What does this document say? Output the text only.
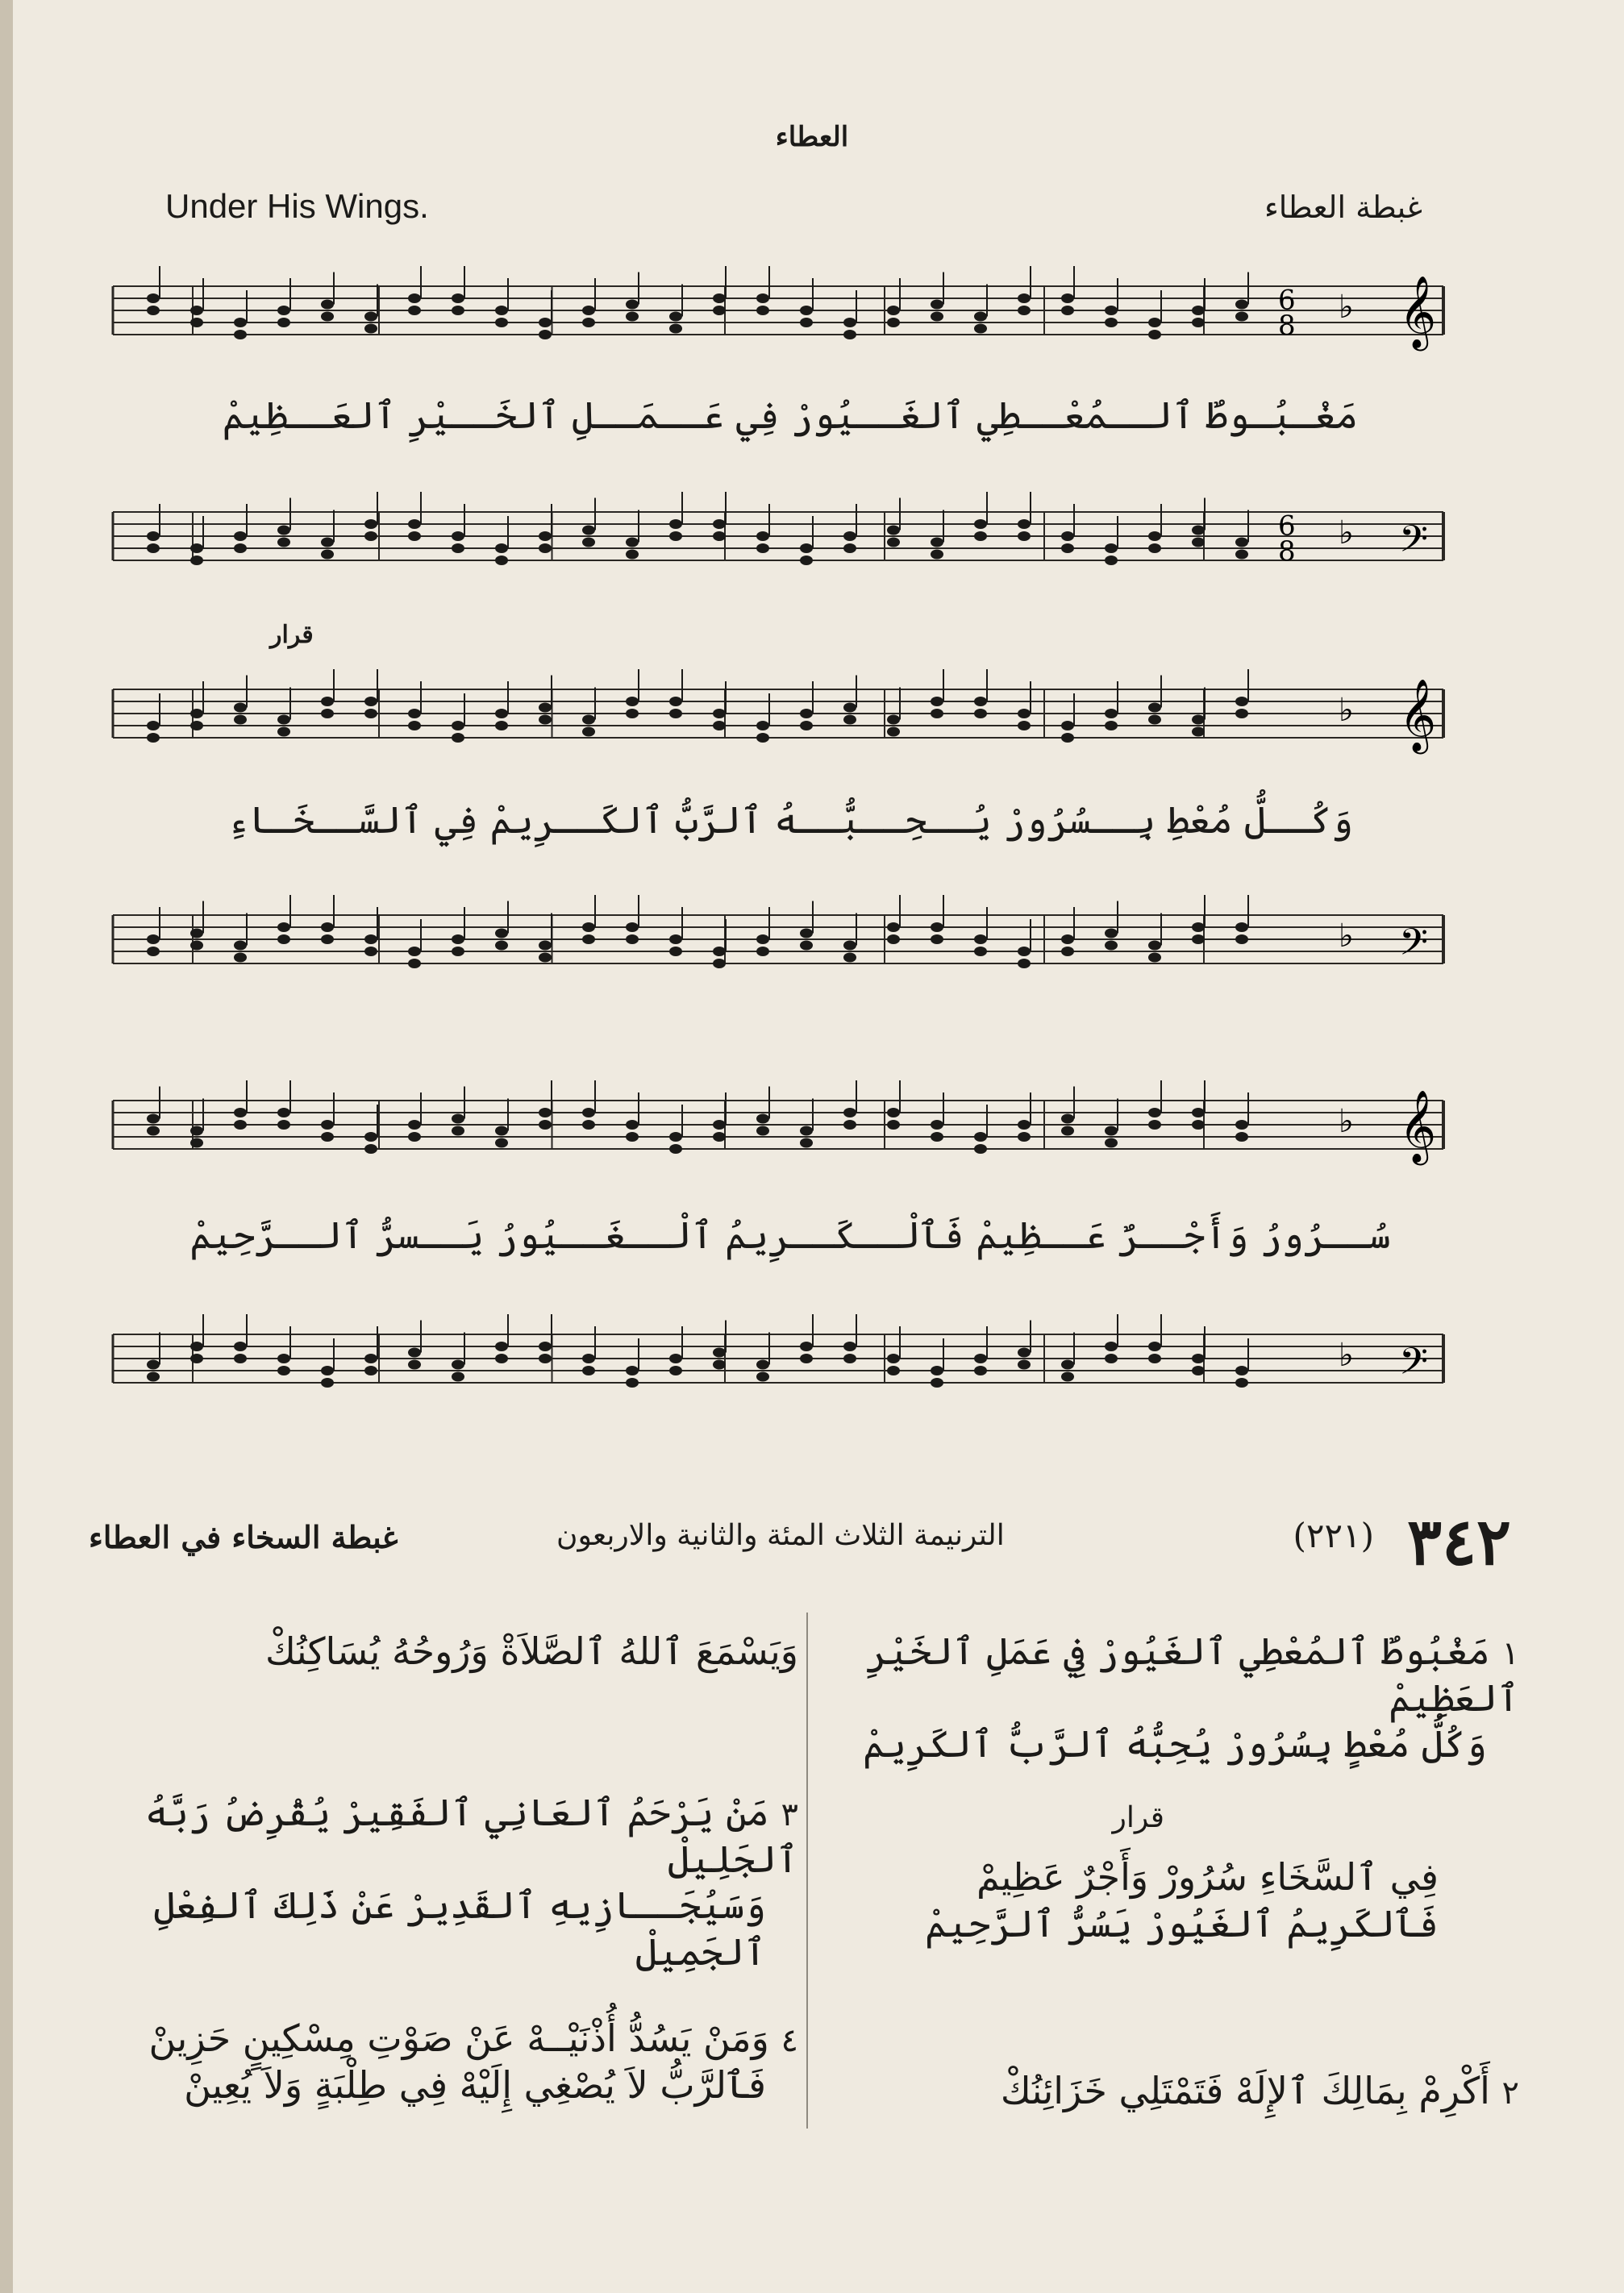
العطاء
Under His Wings.	غبطة العطاء
𝄞
♭
6
8
مَغْـبُـوطٌ ٱلــمُعْــطِي ٱلغَــيُورْ فِي عَــمَــلِ ٱلخَــيْرِ ٱلعَــظِيمْ
𝄢
♭
6
8
قرار
𝄞
♭
وَكُــلُّ مُعْطِ بِــسُرُورْ يُــحِــبُّــهُ ٱلرَّبُّ ٱلكَــرِيمْ فِي ٱلسَّــخَـاءِ
𝄢
♭
𝄞
♭
سُــرُورُ وَأَجْــرٌ عَــظِيمْ فَٱلْــكَــرِيمُ ٱلْــغَــيُورُ يَــسرُّ ٱلــرَّحِيمْ
𝄢
♭
٣٤٢
(٢٢١)
الترنيمة الثلاث المئة والثانية والاربعون
غبطة السخاء في العطاء
١ مَغْبُوطٌ ٱلمُعْطِي ٱلغَيُورْ فِي عَمَلِ ٱلخَيْرِ ٱلعَظِيمْ
وَكُلُّ مُعْطٍ بِسُرُورْ يُحِبُّهُ ٱلرَّبُّ ٱلكَرِيمْ
قرار
فِي ٱلسَّخَاءِ سُرُورْ وَأَجْرٌ عَظِيمْ
فَٱلكَرِيمُ ٱلغَيُورْ يَسُرُّ ٱلرَّحِيمْ
٢ أَكْرِمْ بِمَالِكَ ٱلإِلَهْ فَتَمْتَلِي خَزَائِنُكْ
وَيَسْمَعَ ٱللهُ ٱلصَّلاَةْ وَرُوحُهُ يُسَاكِنُكْ
٣ مَنْ يَرْحَمُ ٱلعَانِي ٱلفَقِيرْ يُقْرِضُ رَبَّهُ ٱلجَلِيلْ
وَسَيُجَــازِيهِ ٱلقَدِيرْ عَنْ ذَلِكَ ٱلفِعْلِ ٱلجَمِيلْ
٤ وَمَنْ يَسُدُّ أُذْنَيْــهْ عَنْ صَوْتِ مِسْكِينٍ حَزِينْ
فَٱلرَّبُّ لاَ يُصْغِي إِلَيْهْ فِي طِلْبَةٍ وَلاَ يُعِينْ
